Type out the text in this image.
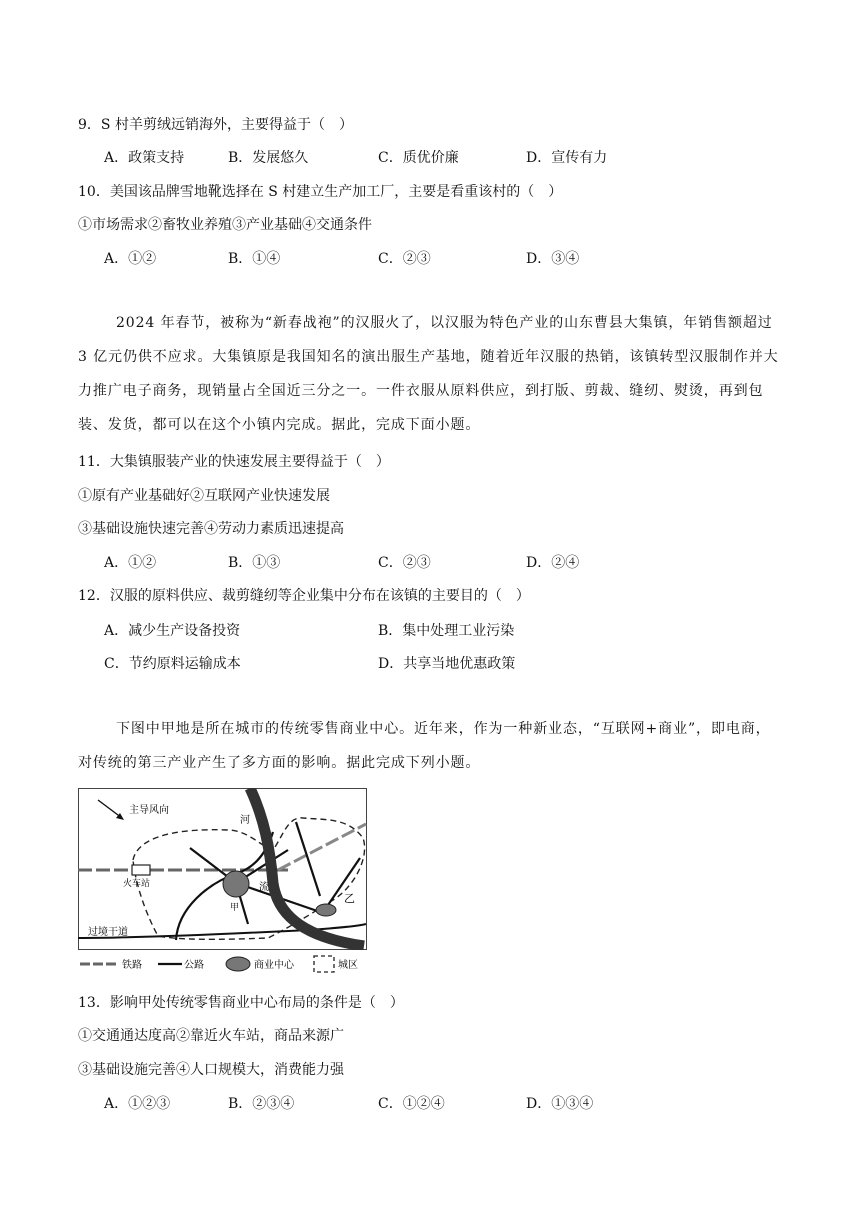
9．S 村羊剪绒远销海外，主要得益于（　）
A．政策支持	B．发展悠久	C．质优价廉	D．宣传有力
10．美国该品牌雪地靴选择在 S 村建立生产加工厂，主要是看重该村的（　）
①市场需求②畜牧业养殖③产业基础④交通条件
A．①②	B．①④	C．②③	D．③④
2024 年春节，被称为“新春战袍”的汉服火了，以汉服为特色产业的山东曹县大集镇，年销售额超过 3 亿元仍供不应求。大集镇原是我国知名的演出服生产基地，随着近年汉服的热销，该镇转型汉服制作并大力推广电子商务，现销量占全国近三分之一。一件衣服从原料供应，到打版、剪裁、缝纫、熨烫，再到包装、发货，都可以在这个小镇内完成。据此，完成下面小题。
11．大集镇服装产业的快速发展主要得益于（　）
①原有产业基础好②互联网产业快速发展
③基础设施快速完善④劳动力素质迅速提高
A．①②	B．①③	C．②③	D．②④
12．汉服的原料供应、裁剪缝纫等企业集中分布在该镇的主要目的（　）
A．减少生产设备投资	B．集中处理工业污染
C．节约原料运输成本	D．共享当地优惠政策
下图中甲地是所在城市的传统零售商业中心。近年来，作为一种新业态，“互联网+商业”，即电商，对传统的第三产业产生了多方面的影响。据此完成下列小题。
主导风向
河
流
火车站
甲
乙
过境干道
铁路	公路	商业中心	城区
13．影响甲处传统零售商业中心布局的条件是（　）
①交通通达度高②靠近火车站，商品来源广
③基础设施完善④人口规模大，消费能力强
A．①②③	B．②③④	C．①②④	D．①③④
